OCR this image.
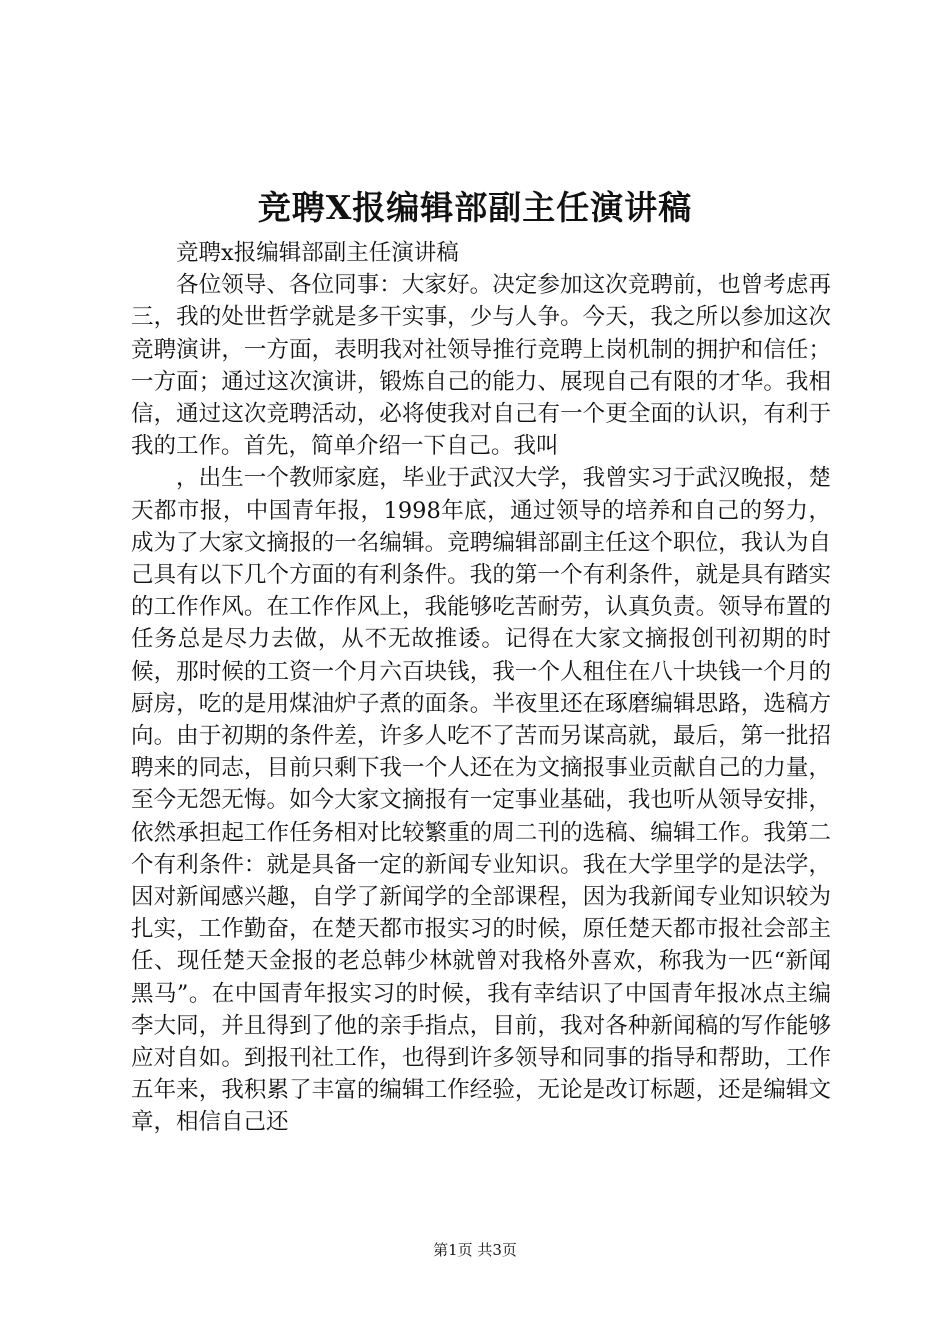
竞聘X报编辑部副主任演讲稿

竞聘x报编辑部副主任演讲稿

各位领导、各位同事：大家好。决定参加这次竞聘前，也曾考虑再三，我的处世哲学就是多干实事，少与人争。今天，我之所以参加这次竞聘演讲，一方面，表明我对社领导推行竞聘上岗机制的拥护和信任；一方面；通过这次演讲，锻炼自己的能力、展现自己有限的才华。我相信，通过这次竞聘活动，必将使我对自己有一个更全面的认识，有利于我的工作。首先，简单介绍一下自己。我叫

，出生一个教师家庭，毕业于武汉大学，我曾实习于武汉晚报，楚天都市报，中国青年报，1998年底，通过领导的培养和自己的努力，成为了大家文摘报的一名编辑。竞聘编辑部副主任这个职位，我认为自己具有以下几个方面的有利条件。我的第一个有利条件，就是具有踏实的工作作风。在工作作风上，我能够吃苦耐劳，认真负责。领导布置的任务总是尽力去做，从不无故推诿。记得在大家文摘报创刊初期的时候，那时候的工资一个月六百块钱，我一个人租住在八十块钱一个月的厨房，吃的是用煤油炉子煮的面条。半夜里还在琢磨编辑思路，选稿方向。由于初期的条件差，许多人吃不了苦而另谋高就，最后，第一批招聘来的同志，目前只剩下我一个人还在为文摘报事业贡献自己的力量，至今无怨无悔。如今大家文摘报有一定事业基础，我也听从领导安排，依然承担起工作任务相对比较繁重的周二刊的选稿、编辑工作。我第二个有利条件：就是具备一定的新闻专业知识。我在大学里学的是法学，因对新闻感兴趣，自学了新闻学的全部课程，因为我新闻专业知识较为扎实，工作勤奋，在楚天都市报实习的时候，原任楚天都市报社会部主任、现任楚天金报的老总韩少林就曾对我格外喜欢，称我为一匹“新闻黑马”。在中国青年报实习的时候，我有幸结识了中国青年报冰点主编李大同，并且得到了他的亲手指点，目前，我对各种新闻稿的写作能够应对自如。到报刊社工作，也得到许多领导和同事的指导和帮助，工作五年来，我积累了丰富的编辑工作经验，无论是改订标题，还是编辑文章，相信自己还

第1页 共3页
